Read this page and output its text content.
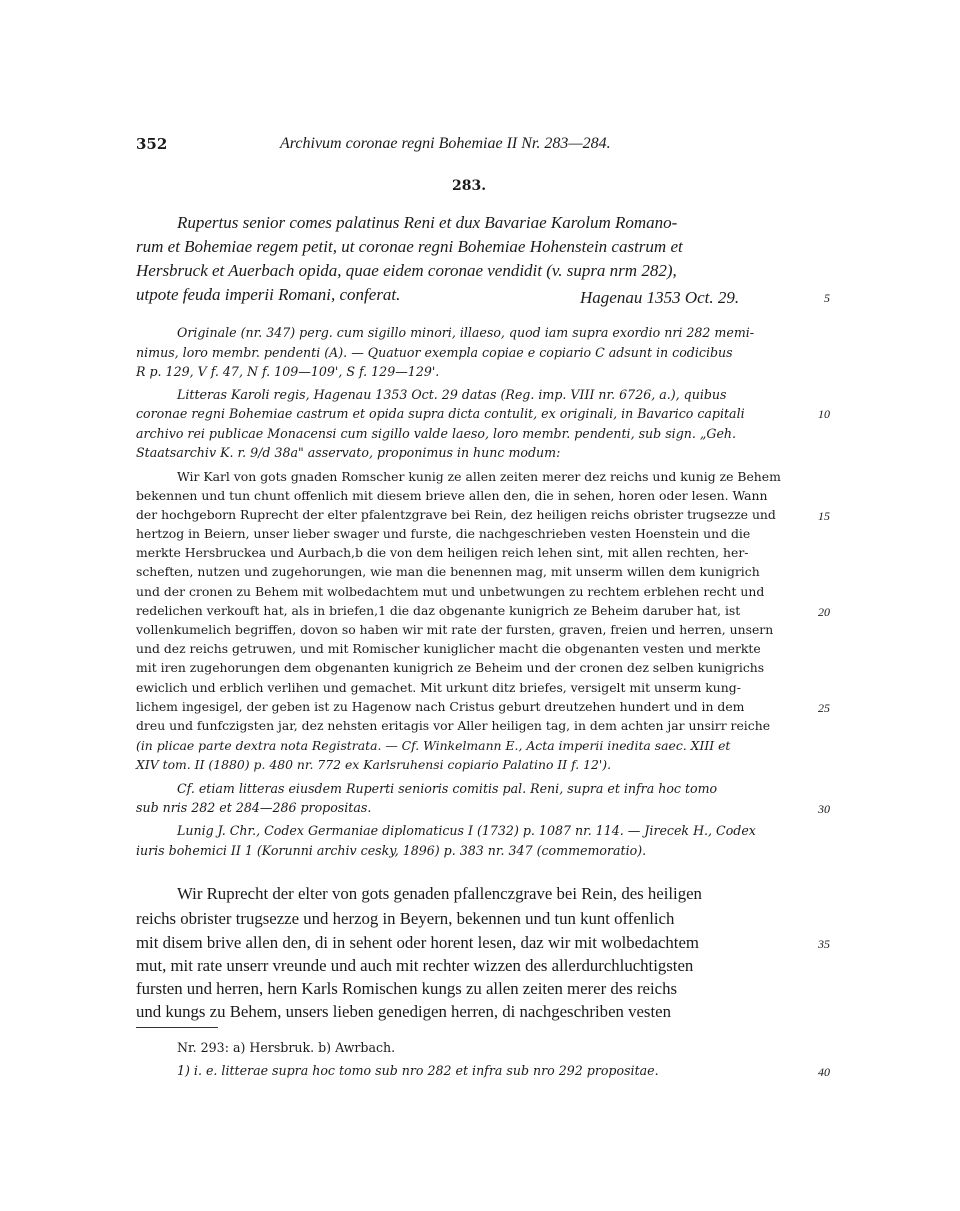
352	Archivum coronae regni Bohemiae II Nr. 283—284.
283.
Rupertus senior comes palatinus Reni et dux Bavariae Karolum Romano-
rum et Bohemiae regem petit, ut coronae regni Bohemiae Hohenstein castrum et
Hersbruck et Auerbach opida, quae eidem coronae vendidit (v. supra nrm 282),
utpote feuda imperii Romani, conferat.	Hagenau 1353 Oct. 29.	5
Originale (nr. 347) perg. cum sigillo minori, illaeso, quod iam supra exordio nri 282 memi-
nimus, loro membr. pendenti (A). — Quatuor exempla copiae e copiario C adsunt in codicibus
R p. 129, V f. 47, N f. 109—109', S f. 129—129'.
Litteras Karoli regis, Hagenau 1353 Oct. 29 datas (Reg. imp. VIII nr. 6726, a.), quibus
coronae regni Bohemiae castrum et opida supra dicta contulit, ex originali, in Bavarico capitali	10
archivo rei publicae Monacensi cum sigillo valde laeso, loro membr. pendenti, sub sign. „Geh.
Staatsarchiv K. r. 9/d 38a" asservato, proponimus in hunc modum:
Wir Karl von gots gnaden Romscher kunig ze allen zeiten merer dez reichs und kunig ze Behem
bekennen und tun chunt offenlich mit diesem brieve allen den, die in sehen, horen oder lesen. Wann
der hochgeborn Ruprecht der elter pfalentzgrave bei Rein, dez heiligen reichs obrister trugsezze und	15
hertzog in Beiern, unser lieber swager und furste, die nachgeschrieben vesten Hoenstein und die
merkte Hersbruckea und Aurbach,b die von dem heiligen reich lehen sint, mit allen rechten, her-
scheften, nutzen und zugehorungen, wie man die benennen mag, mit unserm willen dem kunigrich
und der cronen zu Behem mit wolbedachtem mut und unbetwungen zu rechtem erblehen recht und
redelichen verkouft hat, als in briefen,1 die daz obgenante kunigrich ze Beheim daruber hat, ist	20
vollenkumelich begriffen, dovon so haben wir mit rate der fursten, graven, freien und herren, unsern
und dez reichs getruwen, und mit Romischer kuniglicher macht die obgenanten vesten und merkte
mit iren zugehorungen dem obgenanten kunigrich ze Beheim und der cronen dez selben kunigrichs
ewiclich und erblich verlihen und gemachet. Mit urkunt ditz briefes, versigelt mit unserm kung-
lichem ingesigel, der geben ist zu Hagenow nach Cristus geburt dreutzehen hundert und in dem	25
dreu und funfczigsten jar, dez nehsten eritagis vor Aller heiligen tag, in dem achten jar unsirr reiche
(in plicae parte dextra nota Registrata. — Cf. Winkelmann E., Acta imperii inedita saec. XIII et
XIV tom. II (1880) p. 480 nr. 772 ex Karlsruhensi copiario Palatino II f. 12').
Cf. etiam litteras eiusdem Ruperti senioris comitis pal. Reni, supra et infra hoc tomo
sub nris 282 et 284—286 propositas.	30
Lunig J. Chr., Codex Germaniae diplomaticus I (1732) p. 1087 nr. 114. — Jirecek H., Codex
iuris bohemici II 1 (Korunni archiv cesky, 1896) p. 383 nr. 347 (commemoratio).
Wir Ruprecht der elter von gots genaden pfallenczgrave bei Rein, des heiligen
reichs obrister trugsezze und herzog in Beyern, bekennen und tun kunt offenlich
mit disem brive allen den, di in sehent oder horent lesen, daz wir mit wolbedachtem	35
mut, mit rate unserr vreunde und auch mit rechter wizzen des allerdurchluchtigsten
fursten und herren, hern Karls Romischen kungs zu allen zeiten merer des reichs
und kungs zu Behem, unsers lieben genedigen herren, di nachgeschriben vesten
Nr. 293: a) Hersbruk. b) Awrbach.
1) i. e. litterae supra hoc tomo sub nro 282 et infra sub nro 292 propositae.	40
